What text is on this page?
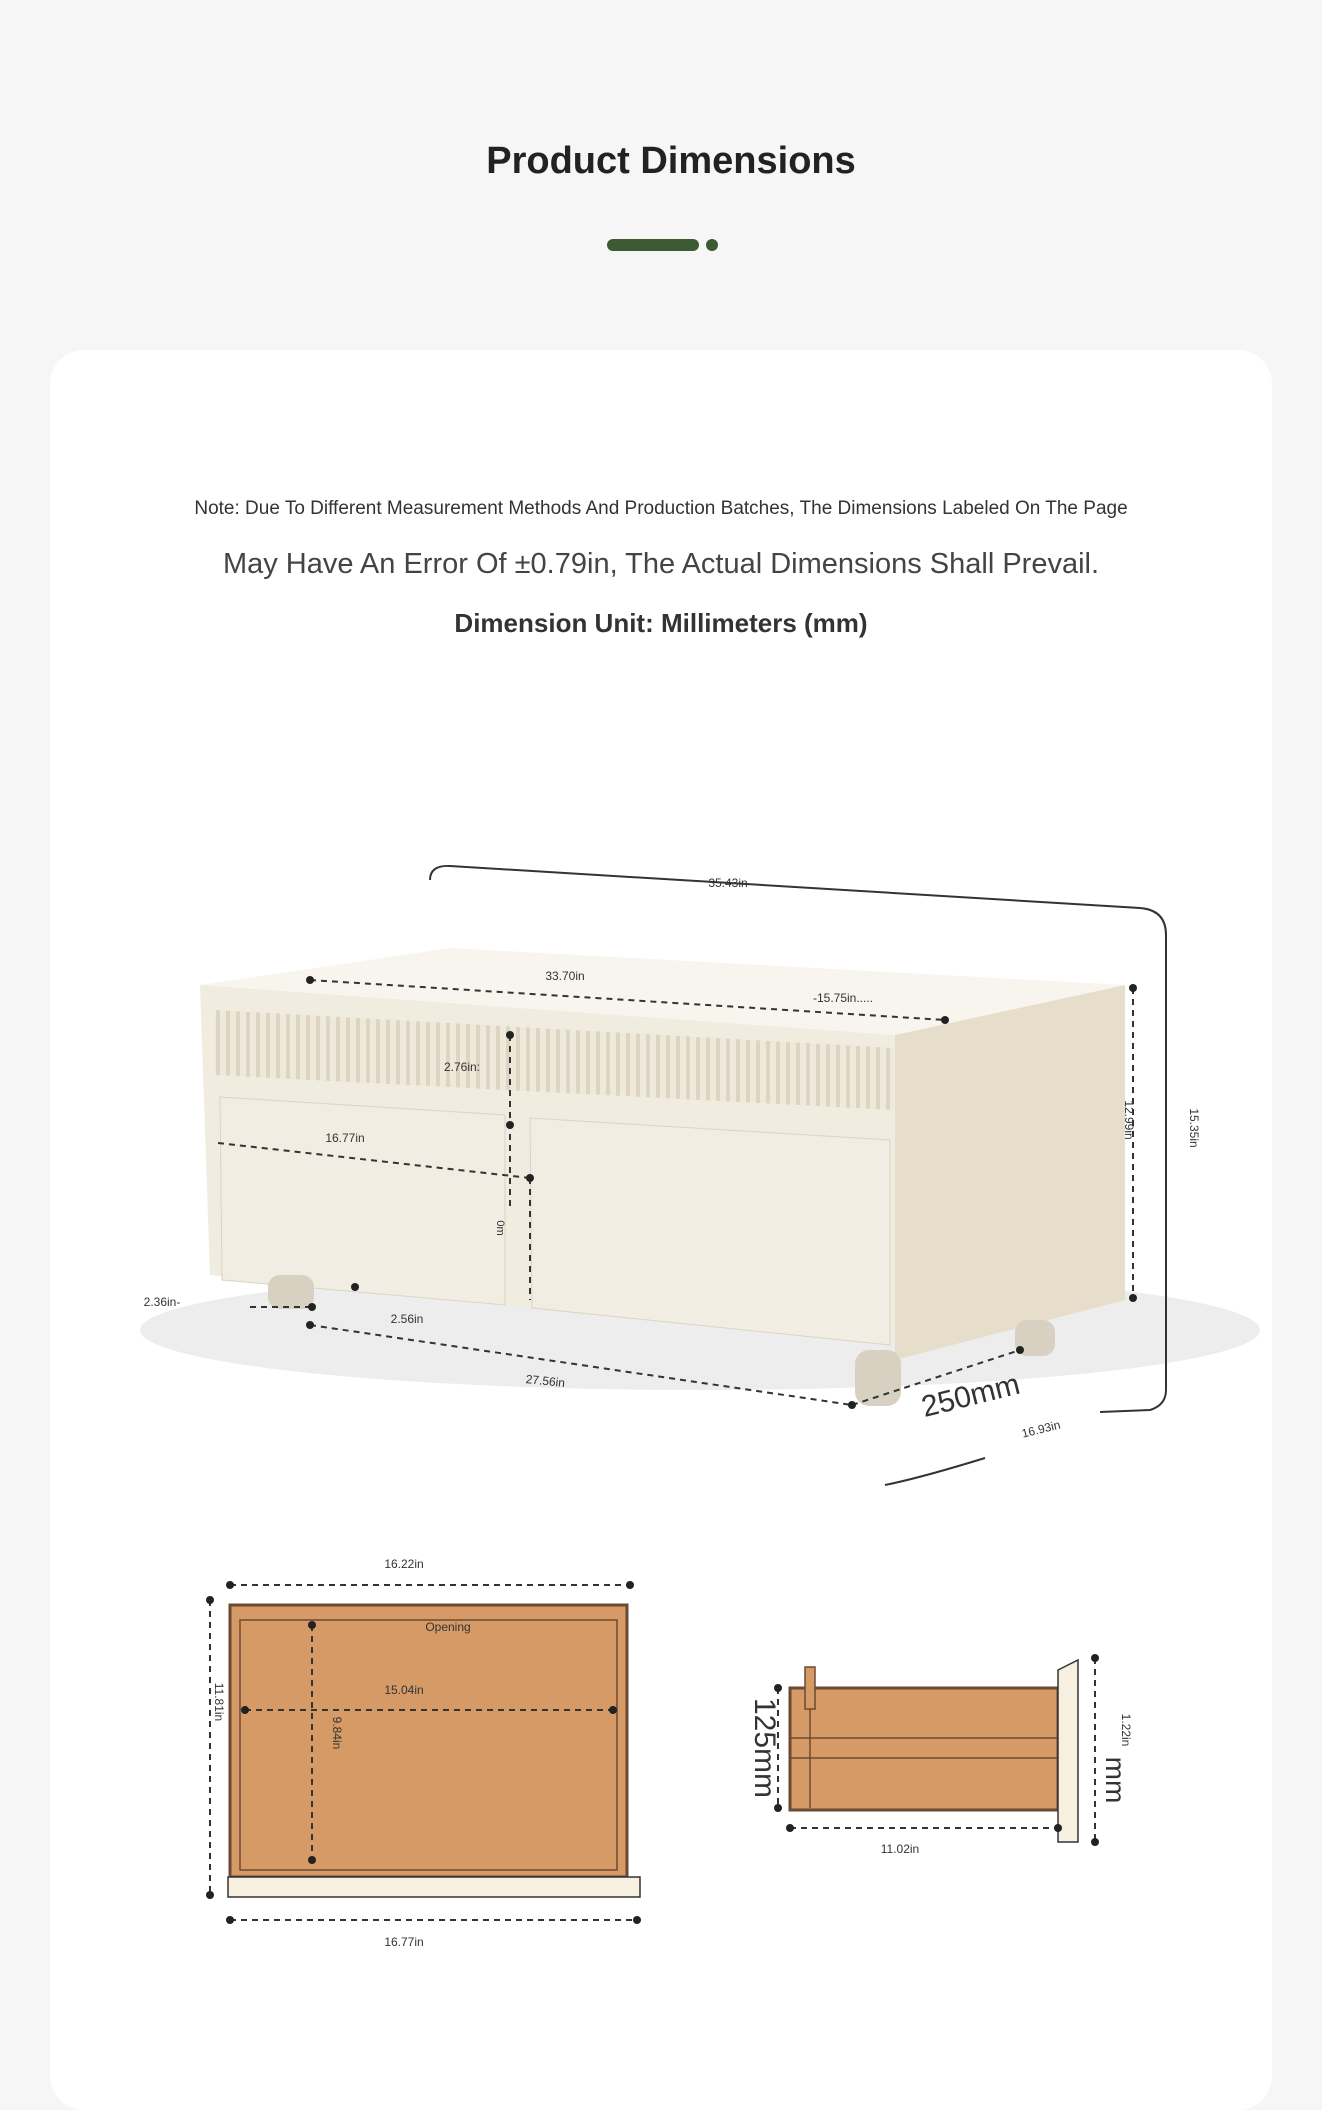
Product Dimensions
Note: Due To Different Measurement Methods And Production Batches, The Dimensions Labeled On The Page
May Have An Error Of ±0.79in, The Actual Dimensions Shall Prevail.
Dimension Unit: Millimeters (mm)
35.43in
33.70in
-15.75in.....
2.76in:
16.77in	12.99in	15.35in
2.36in-
2.56in
27.56in
16.93in
250mm
0m
16.22in
Opening
15.04in
9.84in
11.81in
16.77in
125mm	1.22in
mm
11.02in
